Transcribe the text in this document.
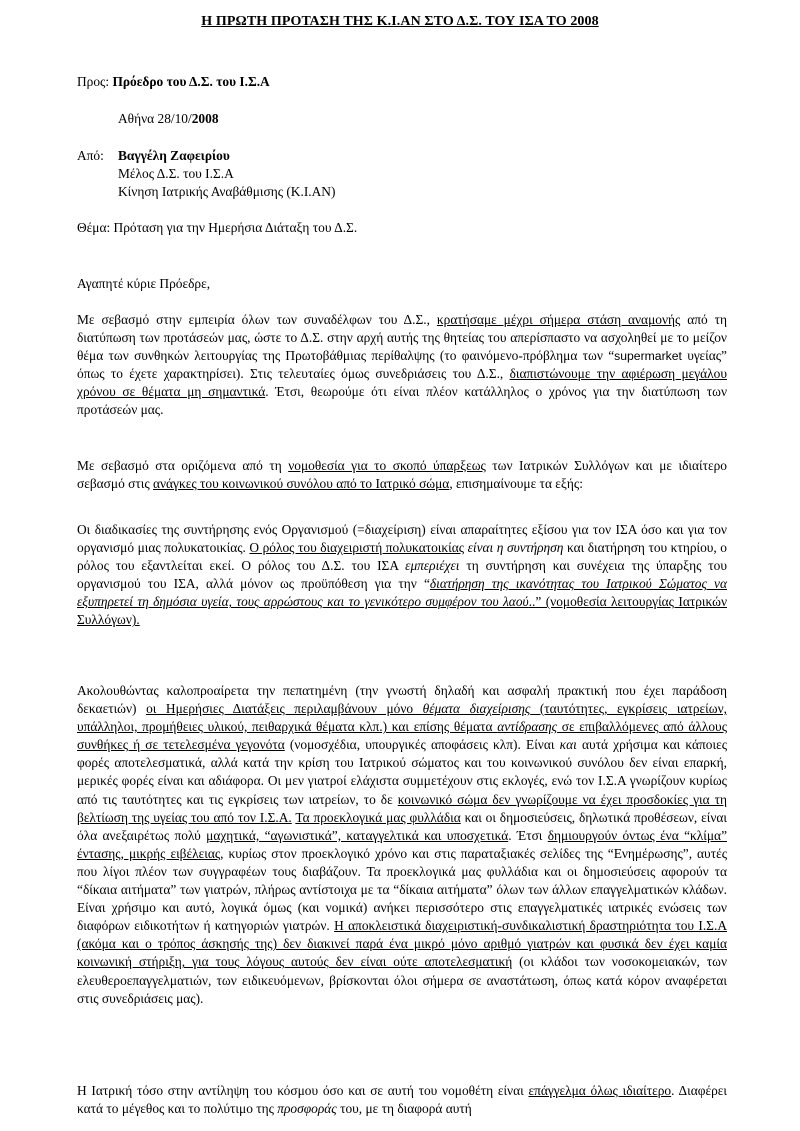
Η ΠΡΩΤΗ ΠΡΟΤΑΣΗ ΤΗΣ Κ.Ι.ΑΝ ΣΤΟ Δ.Σ. ΤΟΥ ΙΣΑ ΤΟ 2008
Προς: Πρόεδρο του Δ.Σ. του Ι.Σ.Α
Αθήνα 28/10/2008
Από: Βαγγέλη Ζαφειρίου
Μέλος Δ.Σ. του Ι.Σ.Α
Κίνηση Ιατρικής Αναβάθμισης (Κ.Ι.ΑΝ)
Θέμα: Πρόταση για την Ημερήσια Διάταξη του Δ.Σ.
Αγαπητέ κύριε Πρόεδρε,
Με σεβασμό στην εμπειρία όλων των συναδέλφων του Δ.Σ., κρατήσαμε μέχρι σήμερα στάση αναμονής από τη διατύπωση των προτάσεών μας, ώστε το Δ.Σ. στην αρχή αυτής της θητείας του απερίσπαστο να ασχοληθεί με το μείζον θέμα των συνθηκών λειτουργίας της Πρωτοβάθμιας περίθαλψης (το φαινόμενο-πρόβλημα των “supermarket υγείας” όπως το έχετε χαρακτηρίσει). Στις τελευταίες όμως συνεδριάσεις του Δ.Σ., διαπιστώνουμε την αφιέρωση μεγάλου χρόνου σε θέματα μη σημαντικά. Έτσι, θεωρούμε ότι είναι πλέον κατάλληλος ο χρόνος για την διατύπωση των προτάσεών μας.
Με σεβασμό στα οριζόμενα από τη νομοθεσία για το σκοπό ύπαρξεως των Ιατρικών Συλλόγων και με ιδιαίτερο σεβασμό στις ανάγκες του κοινωνικού συνόλου από το Ιατρικό σώμα, επισημαίνουμε τα εξής:
Οι διαδικασίες της συντήρησης ενός Οργανισμού (=διαχείριση) είναι απαραίτητες εξίσου για τον ΙΣΑ όσο και για τον οργανισμό μιας πολυκατοικίας. Ο ρόλος του διαχειριστή πολυκατοικίας είναι η συντήρηση και διατήρηση του κτηρίου, ο ρόλος του εξαντλείται εκεί. Ο ρόλος του Δ.Σ. του ΙΣΑ εμπεριέχει τη συντήρηση και συνέχεια της ύπαρξης του οργανισμού του ΙΣΑ, αλλά μόνον ως προϋπόθεση για την “διατήρηση της ικανότητας του Ιατρικού Σώματος να εξυπηρετεί τη δημόσια υγεία, τους αρρώστους και το γενικότερο συμφέρον του λαού..” (νομοθεσία λειτουργίας Ιατρικών Συλλόγων).
Ακολουθώντας καλοπροαίρετα την πεπατημένη (την γνωστή δηλαδή και ασφαλή πρακτική που έχει παράδοση δεκαετιών) οι Ημερήσιες Διατάξεις περιλαμβάνουν μόνο θέματα διαχείρισης (ταυτότητες, εγκρίσεις ιατρείων, υπάλληλοι, προμήθειες υλικού, πειθαρχικά θέματα κλπ.) και επίσης θέματα αντίδρασης σε επιβαλλόμενες από άλλους συνθήκες ή σε τετελεσμένα γεγονότα (νομοσχέδια, υπουργικές αποφάσεις κλπ). Είναι και αυτά χρήσιμα και κάποιες φορές αποτελεσματικά, αλλά κατά την κρίση του Ιατρικού σώματος και του κοινωνικού συνόλου δεν είναι επαρκή, μερικές φορές είναι και αδιάφορα. Οι μεν γιατροί ελάχιστα συμμετέχουν στις εκλογές, ενώ τον Ι.Σ.Α γνωρίζουν κυρίως από τις ταυτότητες και τις εγκρίσεις των ιατρείων, το δε κοινωνικό σώμα δεν γνωρίζουμε να έχει προσδοκίες για τη βελτίωση της υγείας του από τον Ι.Σ.Α. Τα προεκλογικά μας φυλλάδια και οι δημοσιεύσεις, δηλωτικά προθέσεων, είναι όλα ανεξαιρέτως πολύ μαχητικά, “αγωνιστικά”, καταγγελτικά και υποσχετικά. Έτσι δημιουργούν όντως ένα “κλίμα” έντασης, μικρής ειβέλειας, κυρίως στον προεκλογικό χρόνο και στις παραταξιακές σελίδες της “Ενημέρωσης”, αυτές που λίγοι πλέον των συγγραφέων τους διαβάζουν. Τα προεκλογικά μας φυλλάδια και οι δημοσιεύσεις αφορούν τα “δίκαια αιτήματα” των γιατρών, πλήρως αντίστοιχα με τα “δίκαια αιτήματα” όλων των άλλων επαγγελματικών κλάδων. Είναι χρήσιμο και αυτό, λογικά όμως (και νομικά) ανήκει περισσότερο στις επαγγελματικές ιατρικές ενώσεις των διαφόρων ειδικοτήτων ή κατηγοριών γιατρών. Η αποκλειστικά διαχειριστική-συνδικαλιστική δραστηριότητα του Ι.Σ.Α (ακόμα και ο τρόπος άσκησής της) δεν διακινεί παρά ένα μικρό μόνο αριθμό γιατρών και φυσικά δεν έχει καμία κοινωνική στήριξη, για τους λόγους αυτούς δεν είναι ούτε αποτελεσματική (οι κλάδοι των νοσοκομειακών, των ελευθεροεπαγγελματιών, των ειδικευόμενων, βρίσκονται όλοι σήμερα σε αναστάτωση, όπως κατά κόρον αναφέρεται στις συνεδριάσεις μας).
Η Ιατρική τόσο στην αντίληψη του κόσμου όσο και σε αυτή του νομοθέτη είναι επάγγελμα όλως ιδιαίτερο. Διαφέρει κατά το μέγεθος και το πολύτιμο της προσφοράς του, με τη διαφορά αυτή
